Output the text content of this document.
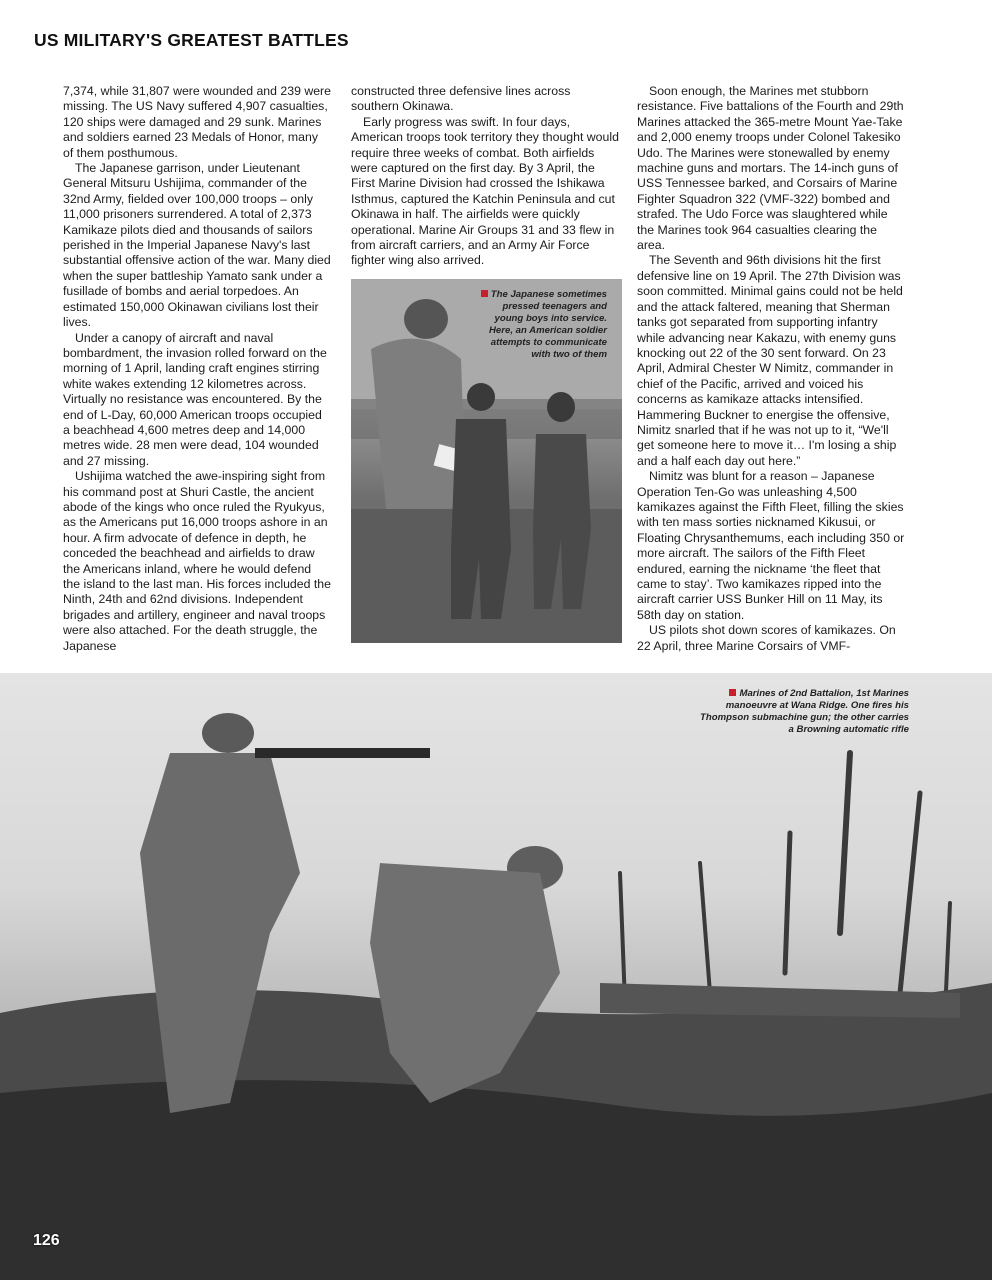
US MILITARY'S GREATEST BATTLES

7,374, while 31,807 were wounded and 239 were missing. The US Navy suffered 4,907 casualties, 120 ships were damaged and 29 sunk. Marines and soldiers earned 23 Medals of Honor, many of them posthumous.

The Japanese garrison, under Lieutenant General Mitsuru Ushijima, commander of the 32nd Army, fielded over 100,000 troops – only 11,000 prisoners surrendered. A total of 2,373 Kamikaze pilots died and thousands of sailors perished in the Imperial Japanese Navy's last substantial offensive action of the war. Many died when the super battleship Yamato sank under a fusillade of bombs and aerial torpedoes. An estimated 150,000 Okinawan civilians lost their lives.

Under a canopy of aircraft and naval bombardment, the invasion rolled forward on the morning of 1 April, landing craft engines stirring white wakes extending 12 kilometres across. Virtually no resistance was encountered. By the end of L-Day, 60,000 American troops occupied a beachhead 4,600 metres deep and 14,000 metres wide. 28 men were dead, 104 wounded and 27 missing.

Ushijima watched the awe-inspiring sight from his command post at Shuri Castle, the ancient abode of the kings who once ruled the Ryukyus, as the Americans put 16,000 troops ashore in an hour. A firm advocate of defence in depth, he conceded the beachhead and airfields to draw the Americans inland, where he would defend the island to the last man. His forces included the Ninth, 24th and 62nd divisions. Independent brigades and artillery, engineer and naval troops were also attached. For the death struggle, the Japanese

constructed three defensive lines across southern Okinawa.

Early progress was swift. In four days, American troops took territory they thought would require three weeks of combat. Both airfields were captured on the first day. By 3 April, the First Marine Division had crossed the Ishikawa Isthmus, captured the Katchin Peninsula and cut Okinawa in half. The airfields were quickly operational. Marine Air Groups 31 and 33 flew in from aircraft carriers, and an Army Air Force fighter wing also arrived.

Soon enough, the Marines met stubborn resistance. Five battalions of the Fourth and 29th Marines attacked the 365-metre Mount Yae-Take and 2,000 enemy troops under Colonel Takesiko Udo. The Marines were stonewalled by enemy machine guns and mortars. The 14-inch guns of USS Tennessee barked, and Corsairs of Marine Fighter Squadron 322 (VMF-322) bombed and strafed. The Udo Force was slaughtered while the Marines took 964 casualties clearing the area.

The Seventh and 96th divisions hit the first defensive line on 19 April. The 27th Division was soon committed. Minimal gains could not be held and the attack faltered, meaning that Sherman tanks got separated from supporting infantry while advancing near Kakazu, with enemy guns knocking out 22 of the 30 sent forward. On 23 April, Admiral Chester W Nimitz, commander in chief of the Pacific, arrived and voiced his concerns as kamikaze attacks intensified. Hammering Buckner to energise the offensive, Nimitz snarled that if he was not up to it, “We'll get someone here to move it… I'm losing a ship and a half each day out here.”

Nimitz was blunt for a reason – Japanese Operation Ten-Go was unleashing 4,500 kamikazes against the Fifth Fleet, filling the skies with ten mass sorties nicknamed Kikusui, or Floating Chrysanthemums, each including 350 or more aircraft. The sailors of the Fifth Fleet endured, earning the nickname ‘the fleet that came to stay’. Two kamikazes ripped into the aircraft carrier USS Bunker Hill on 11 May, its 58th day on station.

US pilots shot down scores of kamikazes. On 22 April, three Marine Corsairs of VMF-

The Japanese sometimes pressed teenagers and young boys into service. Here, an American soldier attempts to communicate with two of them
Marines of 2nd Battalion, 1st Marines manoeuvre at Wana Ridge. One fires his Thompson submachine gun; the other carries a Browning automatic rifle
126
